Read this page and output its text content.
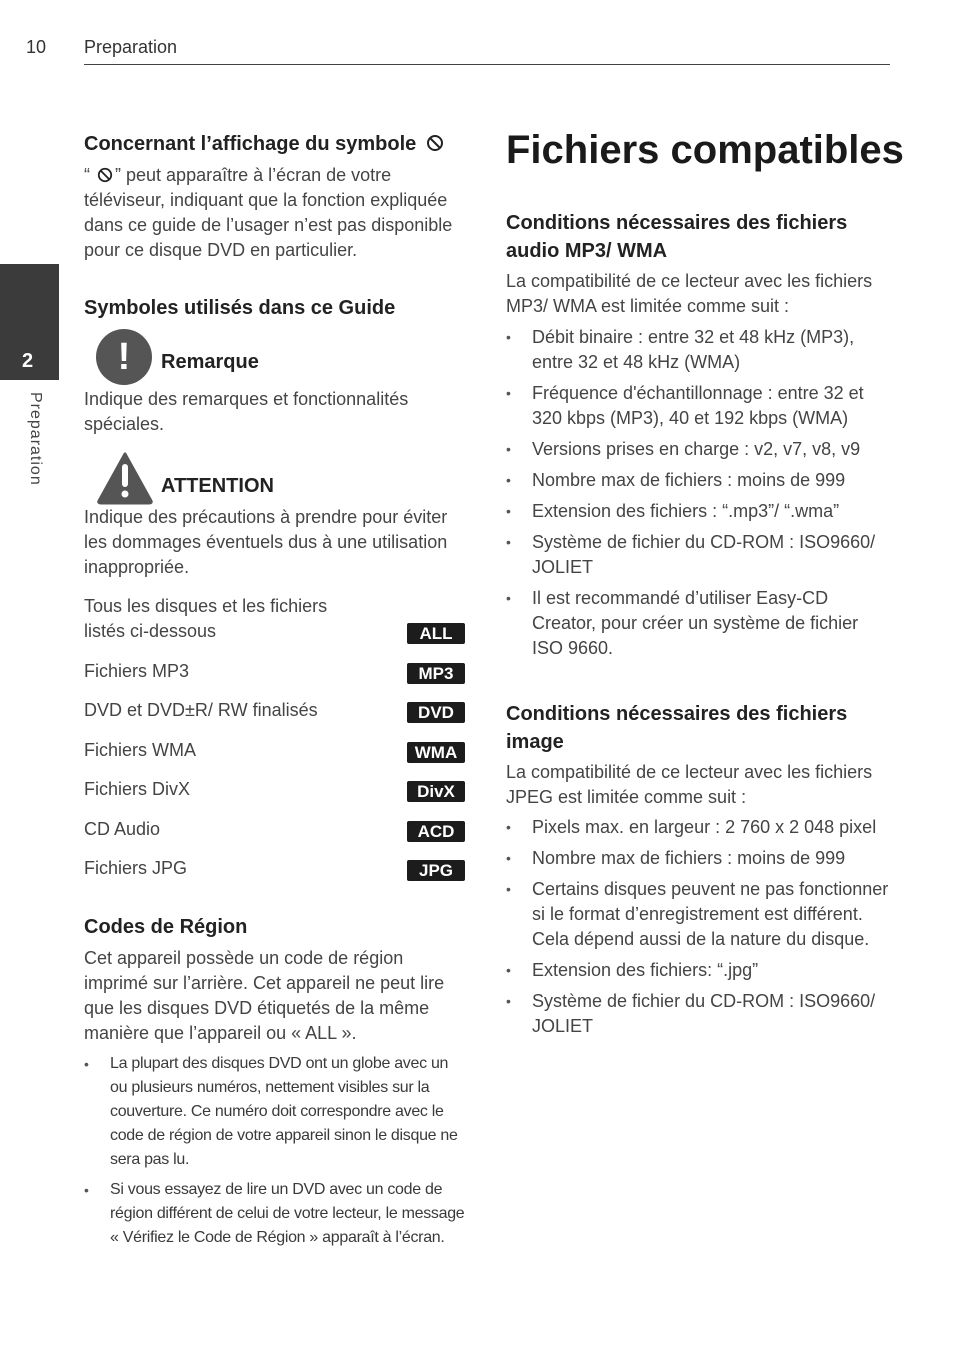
10 Preparation
2
Preparation
Concernant l’affichage du symbole
“ ” peut apparaître à l’écran de votre téléviseur, indiquant que la fonction expliquée dans ce guide de l’usager n’est pas disponible pour ce disque DVD en particulier.
Symboles utilisés dans ce Guide
!	Remarque
Indique des remarques et fonctionnalités spéciales.
ATTENTION
Indique des précautions à prendre pour éviter les dommages éventuels dus à une utilisation inappropriée.
Tous les disques et les fichiers listés ci-dessous	ALL
Fichiers MP3	MP3
DVD et DVD±R/ RW finalisés	DVD
Fichiers WMA	WMA
Fichiers DivX	DivX
CD Audio	ACD
Fichiers JPG	JPG
Codes de Région
Cet appareil possède un code de région imprimé sur l’arrière. Cet appareil ne peut lire que les disques DVD étiquetés de la même manière que l’appareil ou « ALL ».
• La plupart des disques DVD ont un globe avec un ou plusieurs numéros, nettement visibles sur la couverture. Ce numéro doit correspondre avec le code de région de votre appareil sinon le disque ne sera pas lu.
• Si vous essayez de lire un DVD avec un code de région différent de celui de votre lecteur, le message « Vérifiez le Code de Région » apparaît à l’écran.
Fichiers compatibles
Conditions nécessaires des fichiers audio MP3/ WMA
La compatibilité de ce lecteur avec les fichiers MP3/ WMA est limitée comme suit :
• Débit binaire : entre 32 et 48 kHz (MP3), entre 32 et 48 kHz (WMA)
• Fréquence d'échantillonnage : entre 32 et 320 kbps (MP3), 40 et 192 kbps (WMA)
• Versions prises en charge : v2, v7, v8, v9
• Nombre max de fichiers : moins de 999
• Extension des fichiers : “.mp3”/ “.wma”
• Système de fichier du CD-ROM : ISO9660/ JOLIET
• Il est recommandé d’utiliser Easy-CD Creator, pour créer un système de fichier ISO 9660.
Conditions nécessaires des fichiers image
La compatibilité de ce lecteur avec les fichiers JPEG est limitée comme suit :
• Pixels max. en largeur : 2 760 x 2 048 pixel
• Nombre max de fichiers : moins de 999
• Certains disques peuvent ne pas fonctionner si le format d’enregistrement est différent. Cela dépend aussi de la nature du disque.
• Extension des fichiers: “.jpg”
• Système de fichier du CD-ROM : ISO9660/ JOLIET
